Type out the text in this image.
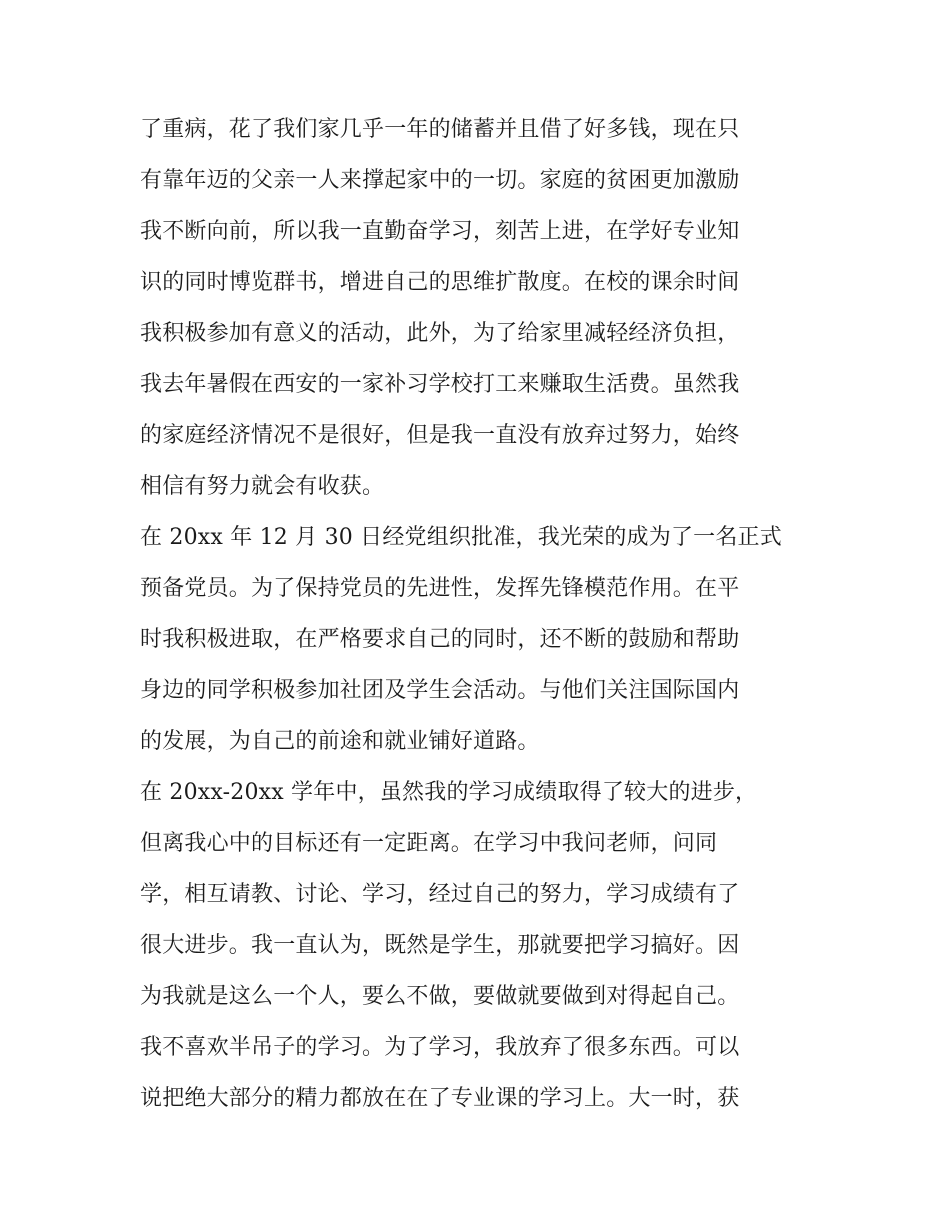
了重病，花了我们家几乎一年的储蓄并且借了好多钱，现在只
有靠年迈的父亲一人来撑起家中的一切。家庭的贫困更加激励
我不断向前，所以我一直勤奋学习，刻苦上进，在学好专业知
识的同时博览群书，增进自己的思维扩散度。在校的课余时间
我积极参加有意义的活动，此外，为了给家里减轻经济负担，
我去年暑假在西安的一家补习学校打工来赚取生活费。虽然我
的家庭经济情况不是很好，但是我一直没有放弃过努力，始终
相信有努力就会有收获。
在 20xx 年 12 月 30 日经党组织批准，我光荣的成为了一名正式
预备党员。为了保持党员的先进性，发挥先锋模范作用。在平
时我积极进取，在严格要求自己的同时，还不断的鼓励和帮助
身边的同学积极参加社团及学生会活动。与他们关注国际国内
的发展，为自己的前途和就业铺好道路。
在 20xx-20xx 学年中，虽然我的学习成绩取得了较大的进步，
但离我心中的目标还有一定距离。在学习中我问老师，问同
学，相互请教、讨论、学习，经过自己的努力，学习成绩有了
很大进步。我一直认为，既然是学生，那就要把学习搞好。因
为我就是这么一个人，要么不做，要做就要做到对得起自己。
我不喜欢半吊子的学习。为了学习，我放弃了很多东西。可以
说把绝大部分的精力都放在在了专业课的学习上。大一时，获
